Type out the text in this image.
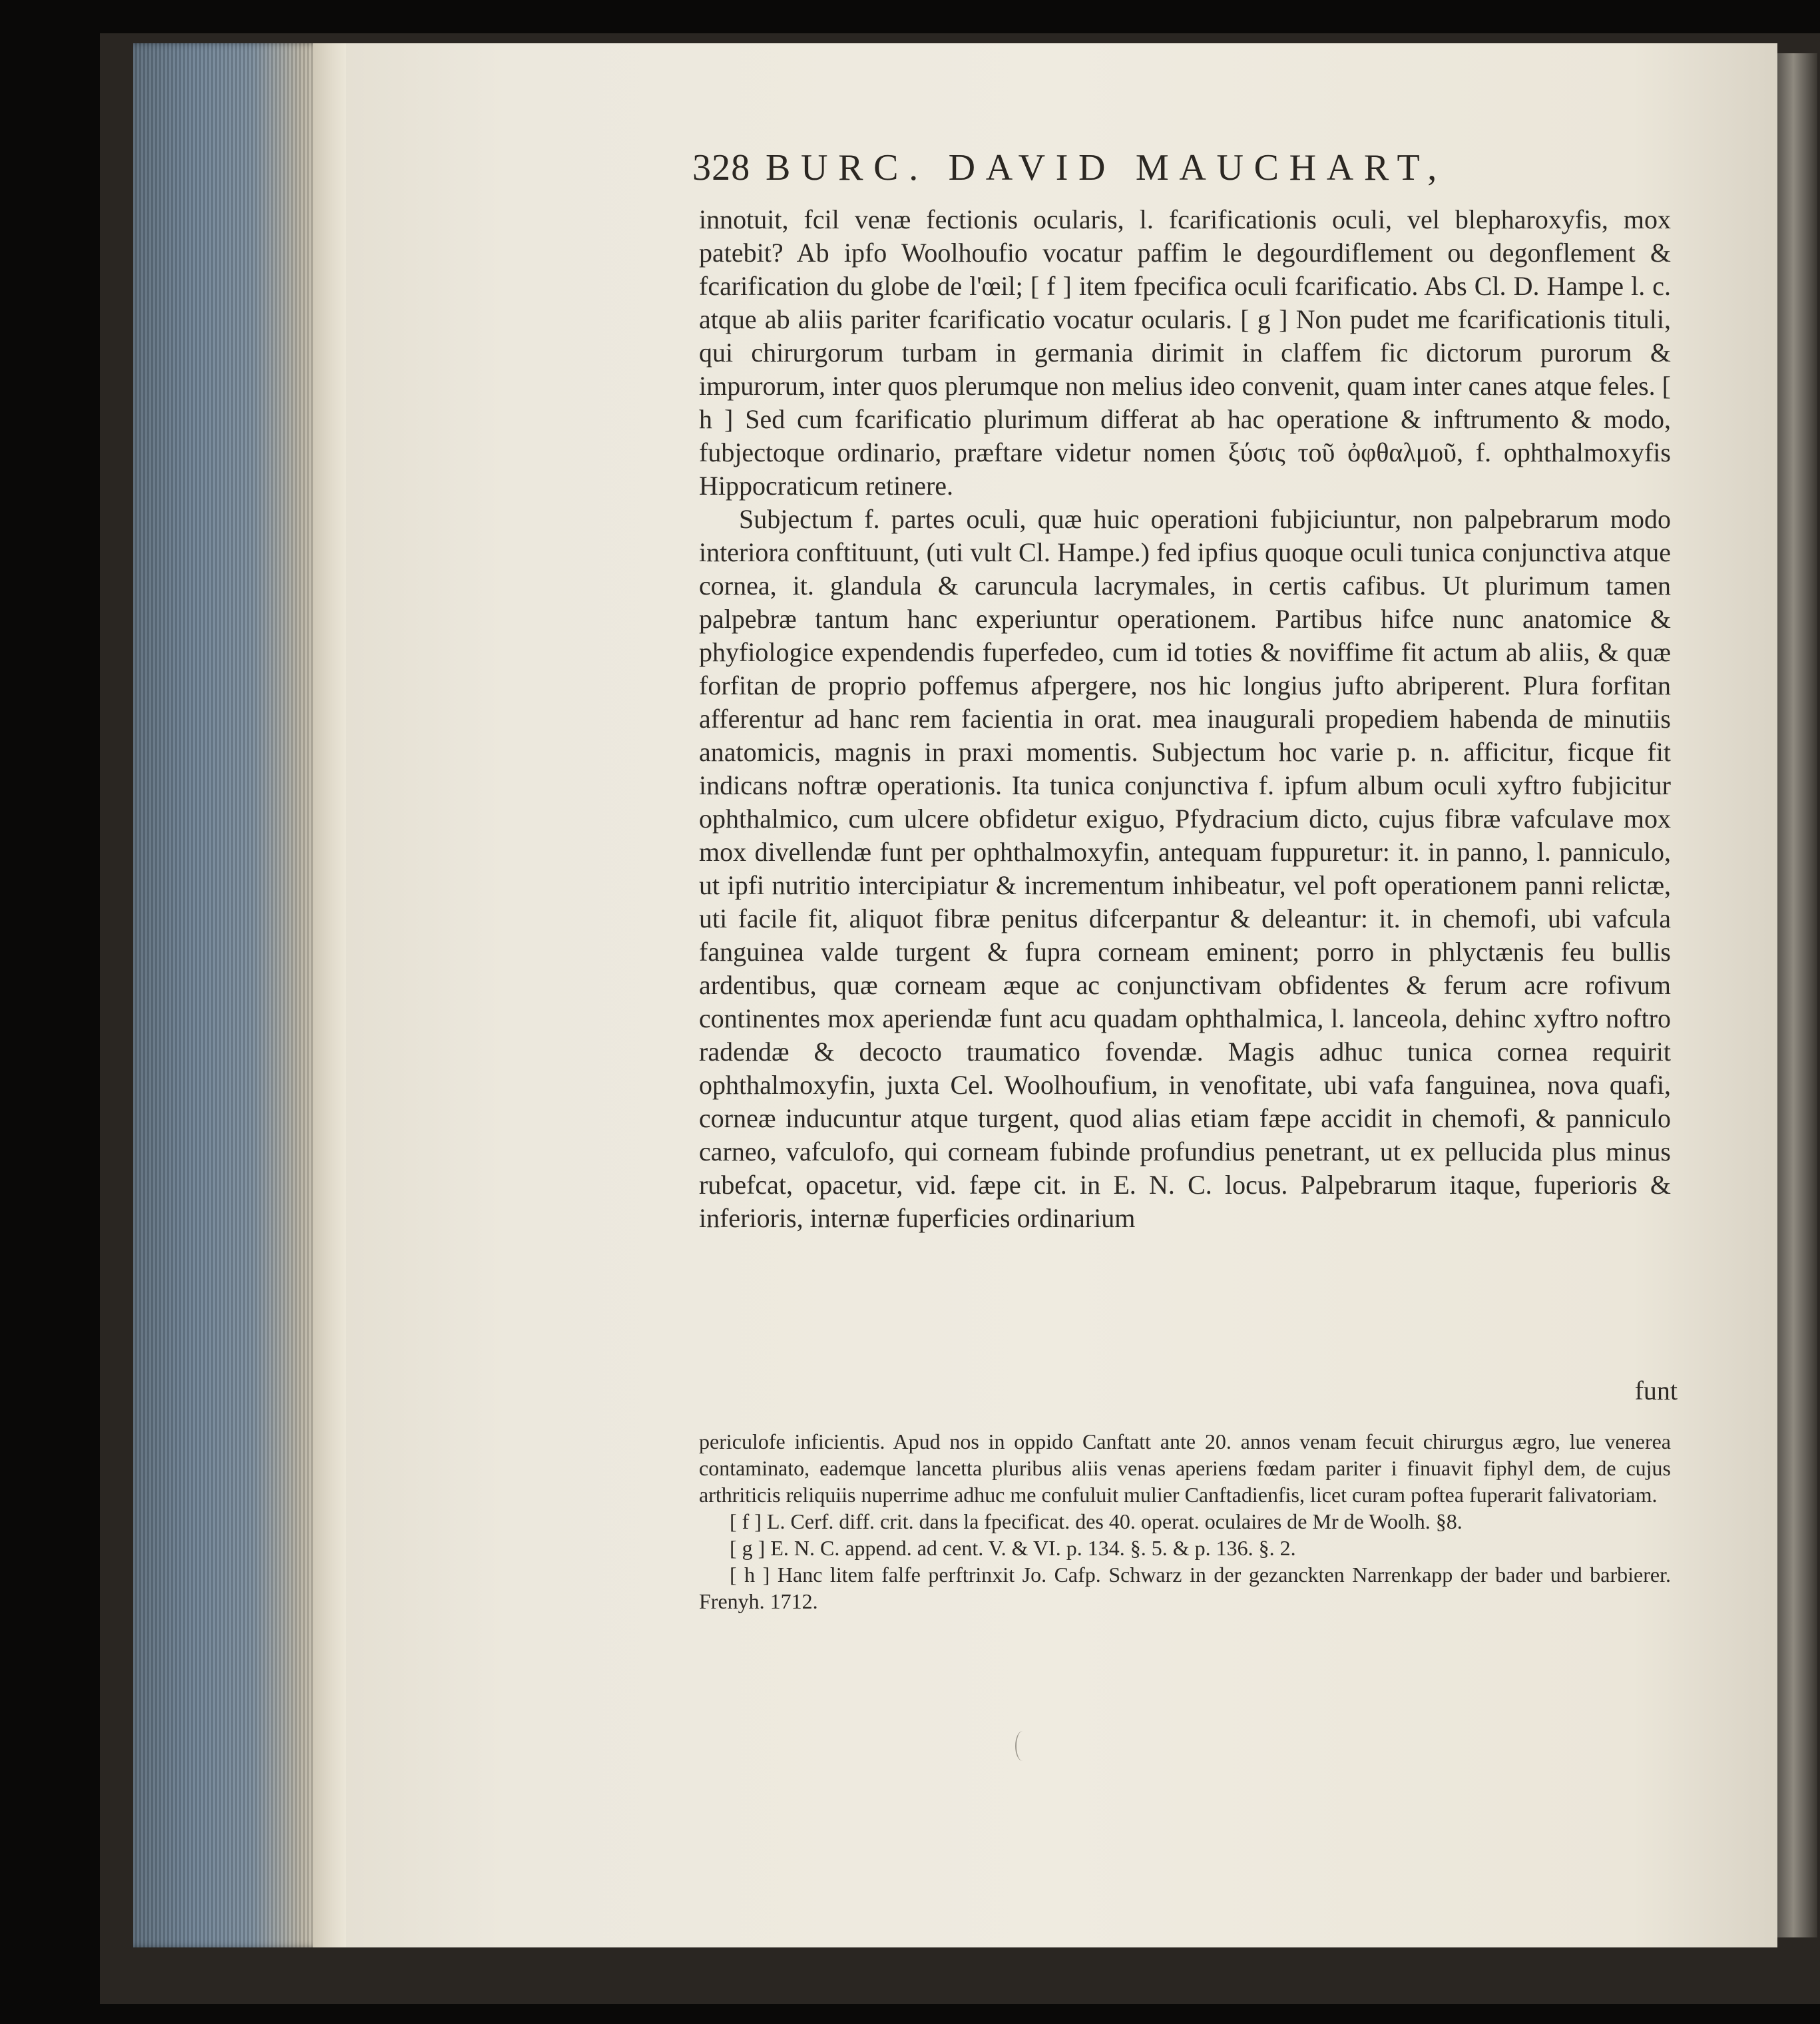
328 BURC. DAVID MAUCHART,

innotuit, fcil venæ fectionis ocularis, l. fcarificationis oculi, vel blepharoxyfis, mox patebit? Ab ipfo Woolhoufio vocatur paffim le degourdiflement ou degonflement & fcarification du globe de l'œil; [ f ] item fpecifica oculi fcarificatio. Abs Cl. D. Hampe l. c. atque ab aliis pariter fcarificatio vocatur ocularis. [ g ] Non pudet me fcarificationis tituli, qui chirurgorum turbam in germania dirimit in claffem fic dictorum purorum & impurorum, inter quos plerumque non melius ideo convenit, quam inter canes atque feles. [ h ] Sed cum fcarificatio plurimum differat ab hac operatione & inftrumento & modo, fubjectoque ordinario, præftare videtur nomen ξύσις τοῦ ὀφθαλμοῦ, f. ophthalmoxyfis Hippocraticum retinere.

Subjectum f. partes oculi, quæ huic operationi fubjiciuntur, non palpebrarum modo interiora conftituunt, (uti vult Cl. Hampe.) fed ipfius quoque oculi tunica conjunctiva atque cornea, it. glandula & caruncula lacrymales, in certis cafibus. Ut plurimum tamen palpebræ tantum hanc experiuntur operationem. Partibus hifce nunc anatomice & phyfiologice expendendis fuperfedeo, cum id toties & noviffime fit actum ab aliis, & quæ forfitan de proprio poffemus afpergere, nos hic longius jufto abriperent. Plura forfitan afferentur ad hanc rem facientia in orat. mea inaugurali propediem habenda de minutiis anatomicis, magnis in praxi momentis. Subjectum hoc varie p. n. afficitur, ficque fit indicans noftræ operationis. Ita tunica conjunctiva f. ipfum album oculi xyftro fubjicitur ophthalmico, cum ulcere obfidetur exiguo, Pfydracium dicto, cujus fibræ vafculave mox mox divellendæ funt per ophthalmoxyfin, antequam fuppuretur: it. in panno, l. panniculo, ut ipfi nutritio intercipiatur & incrementum inhibeatur, vel poft operationem panni relictæ, uti facile fit, aliquot fibræ penitus difcerpantur & deleantur: it. in chemofi, ubi vafcula fanguinea valde turgent & fupra corneam eminent; porro in phlyctænis feu bullis ardentibus, quæ corneam æque ac conjunctivam obfidentes & ferum acre rofivum continentes mox aperiendæ funt acu quadam ophthalmica, l. lanceola, dehinc xyftro noftro radendæ & decocto traumatico fovendæ. Magis adhuc tunica cornea requirit ophthalmoxyfin, juxta Cel. Woolhoufium, in venofitate, ubi vafa fanguinea, nova quafi, corneæ inducuntur atque turgent, quod alias etiam fæpe accidit in chemofi, & panniculo carneo, vafculofo, qui corneam fubinde profundius penetrant, ut ex pellucida plus minus rubefcat, opacetur, vid. fæpe cit. in E. N. C. locus. Palpebrarum itaque, fuperioris & inferioris, internæ fuperficies ordinarium

funt

periculofe inficientis. Apud nos in oppido Canftatt ante 20. annos venam fecuit chirurgus ægro, lue venerea contaminato, eademque lancetta pluribus aliis venas aperiens fœdam pariter i finuavit fiphyl dem, de cujus arthriticis reliquiis nuperrime adhuc me confuluit mulier Canftadienfis, licet curam poftea fuperarit falivatoriam.

[ f ] L. Cerf. diff. crit. dans la fpecificat. des 40. operat. oculaires de Mr de Woolh. §8.

[ g ] E. N. C. append. ad cent. V. & VI. p. 134. §. 5. & p. 136. §. 2.

[ h ] Hanc litem falfe perftrinxit Jo. Cafp. Schwarz in der gezanckten Narrenkapp der bader und barbierer. Frenyh. 1712.
